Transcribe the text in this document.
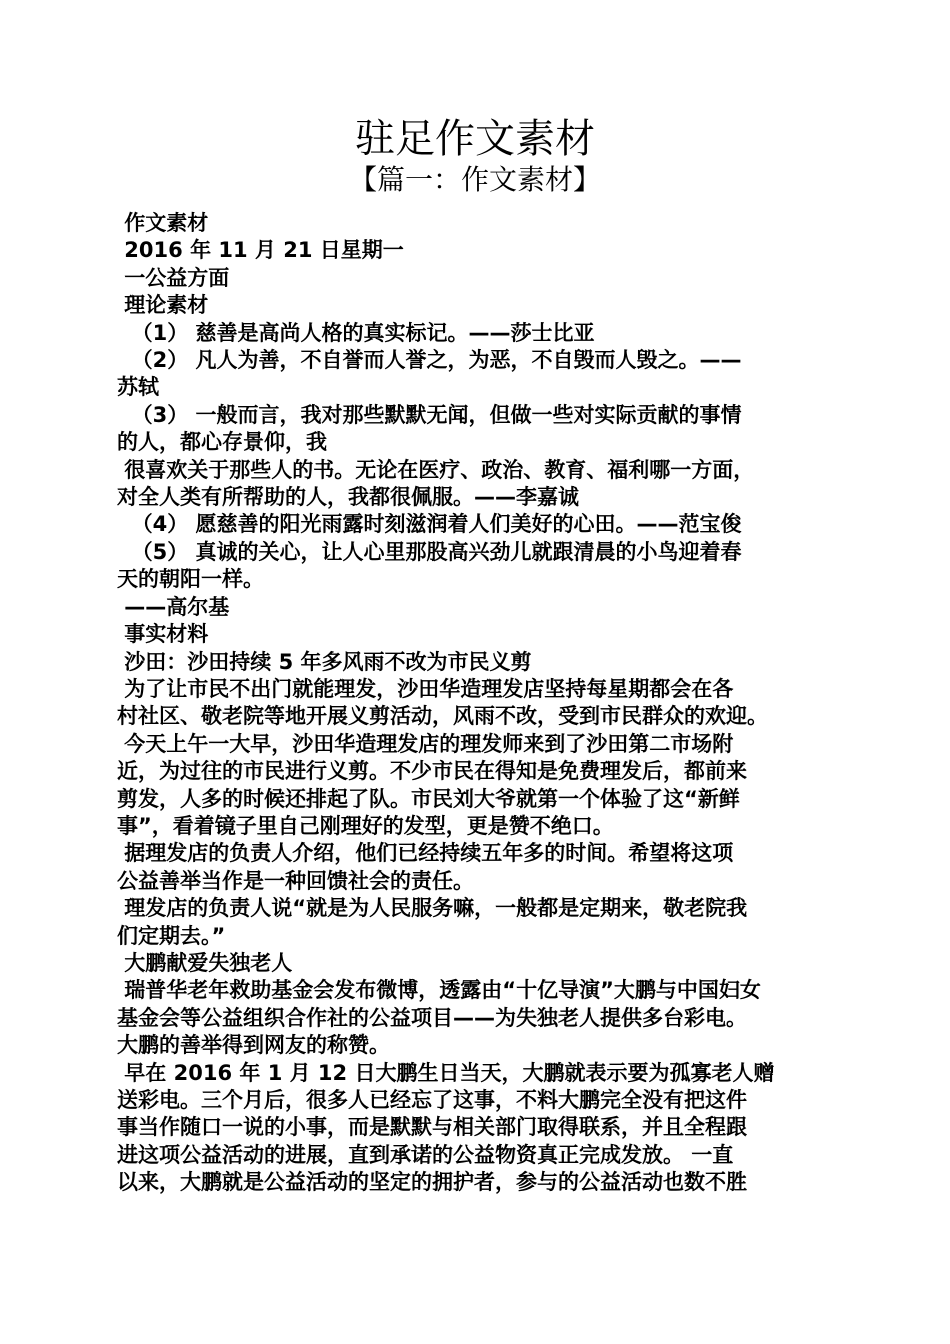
驻足作文素材
【篇一：作文素材】

作文素材

2016 年 11 月 21 日星期一

一公益方面

理论素材

（1） 慈善是高尚人格的真实标记。——莎士比亚

（2） 凡人为善，不自誉而人誉之，为恶，不自毁而人毁之。——

苏轼

（3） 一般而言，我对那些默默无闻，但做一些对实际贡献的事情

的人，都心存景仰，我

很喜欢关于那些人的书。无论在医疗、政治、教育、福利哪一方面，

对全人类有所帮助的人，我都很佩服。——李嘉诚

（4） 愿慈善的阳光雨露时刻滋润着人们美好的心田。——范宝俊

（5） 真诚的关心，让人心里那股高兴劲儿就跟清晨的小鸟迎着春

天的朝阳一样。

——高尔基

事实材料

沙田：沙田持续 5 年多风雨不改为市民义剪

为了让市民不出门就能理发，沙田华造理发店坚持每星期都会在各

村社区、敬老院等地开展义剪活动，风雨不改，受到市民群众的欢迎。

今天上午一大早，沙田华造理发店的理发师来到了沙田第二市场附

近，为过往的市民进行义剪。不少市民在得知是免费理发后，都前来

剪发，人多的时候还排起了队。市民刘大爷就第一个体验了这“新鲜

事”，看着镜子里自己刚理好的发型，更是赞不绝口。

据理发店的负责人介绍，他们已经持续五年多的时间。希望将这项

公益善举当作是一种回馈社会的责任。

理发店的负责人说“就是为人民服务嘛，一般都是定期来，敬老院我

们定期去。”

大鹏献爱失独老人

瑞普华老年救助基金会发布微博，透露由“十亿导演”大鹏与中国妇女

基金会等公益组织合作社的公益项目——为失独老人提供多台彩电。

大鹏的善举得到网友的称赞。

早在 2016 年 1 月 12 日大鹏生日当天，大鹏就表示要为孤寡老人赠

送彩电。三个月后，很多人已经忘了这事，不料大鹏完全没有把这件

事当作随口一说的小事，而是默默与相关部门取得联系，并且全程跟

进这项公益活动的进展，直到承诺的公益物资真正完成发放。 一直

以来，大鹏就是公益活动的坚定的拥护者，参与的公益活动也数不胜
